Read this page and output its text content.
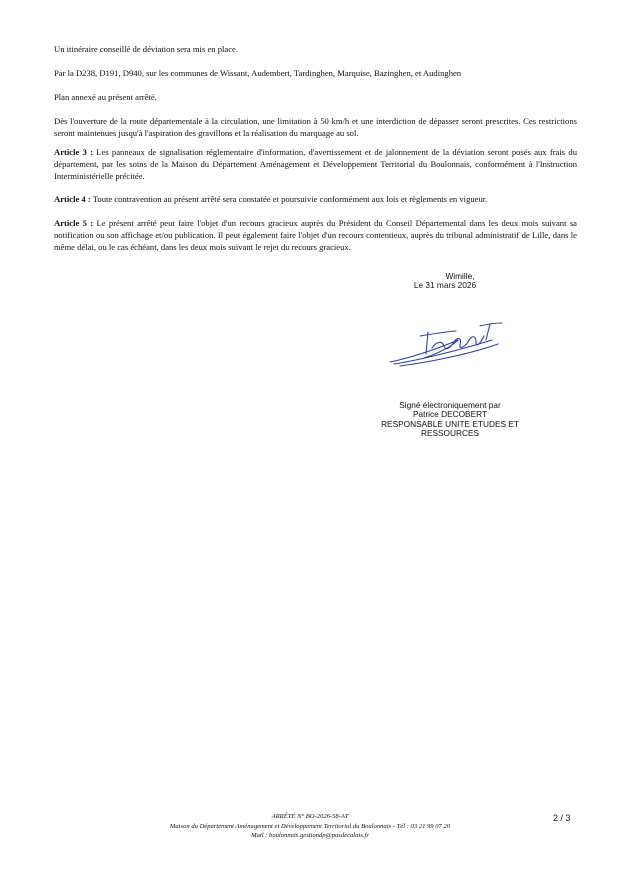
Un itinéraire conseillé de déviation sera mis en place.
Par la D238, D191, D940, sur les communes de Wissant, Audembert, Tardinghen, Marquise, Bazinghen, et Audinghen
Plan annexé au présent arrêté.
Dès l'ouverture de la route départementale à la circulation, une limitation à 50 km/h et une interdiction de dépasser seront prescrites. Ces restrictions seront maintenues jusqu'à l'aspiration des gravillons et la réalisation du marquage au sol.
Article 3 : Les panneaux de signalisation réglementaire d'information, d'avertissement et de jalonnement de la déviation seront posés aux frais du département, par les soins de la Maison du Département Aménagement et Développement Territorial du Boulonnais, conformément à l'Instruction Interministérielle précitée.
Article 4 : Toute contravention au présent arrêté sera constatée et poursuivie conformément aux lois et règlements en vigueur.
Article 5 : Le présent arrêté peut faire l'objet d'un recours gracieux auprès du Président du Conseil Départemental dans les deux mois suivant sa notification ou son affichage et/ou publication. Il peut également faire l'objet d'un recours contentieux, auprès du tribunal administratif de Lille, dans le même délai, ou le cas échéant, dans les deux mois suivant le rejet du recours gracieux.
Wimille,
Le 31 mars 2026
Signé électroniquement par
Patrice DECOBERT
RESPONSABLE UNITE ETUDES ET
RESSOURCES
ARRÊTÉ N° BO-2026-58-AT
Maison du Département Aménagement et Développement Territorial du Boulonnais - Tél : 03 21 99 07 20
Mail : boulonnais.gestiondp@pasdecalais.fr
2 / 3
